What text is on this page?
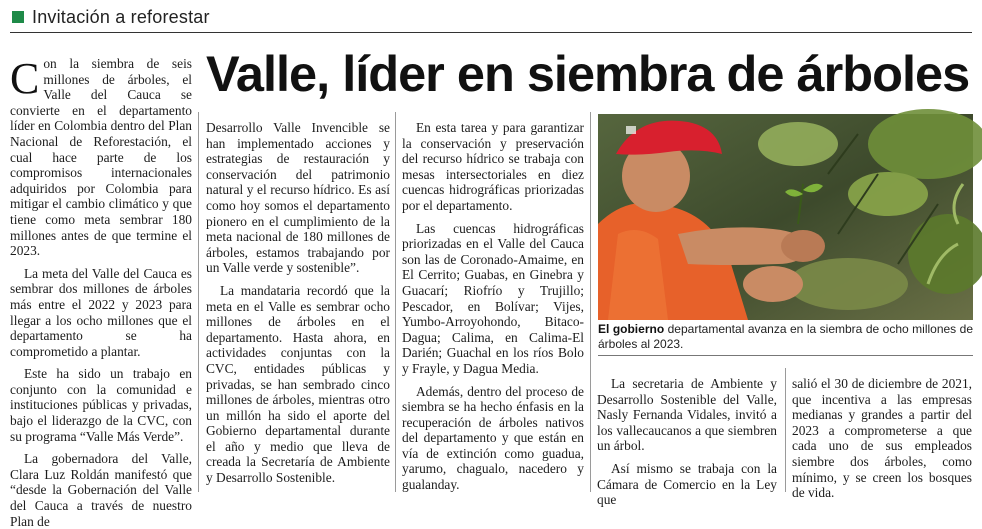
Invitación a reforestar
Valle, líder en siembra de árboles

Con la siembra de seis millones de árboles, el Valle del Cauca se convierte en el departamento líder en Colombia dentro del Plan Nacional de Reforestación, el cual hace parte de los compromisos internacionales adquiridos por Colombia para mitigar el cambio climático y que tiene como meta sembrar 180 millones antes de que termine el 2023.

La meta del Valle del Cauca es sembrar dos millones de árboles más entre el 2022 y 2023 para llegar a los ocho millones que el departamento se ha comprometido a plantar.

Este ha sido un trabajo en conjunto con la comunidad e instituciones públicas y privadas, bajo el liderazgo de la CVC, con su programa “Valle Más Verde”.

La gobernadora del Valle, Clara Luz Roldán manifestó que “desde la Gobernación del Valle del Cauca a través de nuestro Plan de

Desarrollo Valle Invencible se han implementado acciones y estrategias de restauración y conservación del patrimonio natural y el recurso hídrico. Es así como hoy somos el departamento pionero en el cumplimiento de la meta nacional de 180 millones de árboles, estamos trabajando por un Valle verde y sostenible”.

La mandataria recordó que la meta en el Valle es sembrar ocho millones de árboles en el departamento. Hasta ahora, en actividades conjuntas con la CVC, entidades públicas y privadas, se han sembrado cinco millones de árboles, mientras otro un millón ha sido el aporte del Gobierno departamental durante el año y medio que lleva de creada la Secretaría de Ambiente y Desarrollo Sostenible.

En esta tarea y para garantizar la conservación y preservación del recurso hídrico se trabaja con mesas intersectoriales en diez cuencas hidrográficas priorizadas por el departamento.

Las cuencas hidrográficas priorizadas en el Valle del Cauca son las de Coronado-Amaime, en El Cerrito; Guabas, en Ginebra y Guacarí; Riofrío y Trujillo; Pescador, en Bolívar; Vijes, Yumbo-Arroyohondo, Bitaco-Dagua; Calima, en Calima-El Darién; Guachal en los ríos Bolo y Frayle, y Dagua Media.

Además, dentro del proceso de siembra se ha hecho énfasis en la recuperación de árboles nativos del departamento y que están en vía de extinción como guadua, yarumo, chagualo, nacedero y gualanday.

El gobierno departamental avanza en la siembra de ocho millones de árboles al 2023.

La secretaria de Ambiente y Desarrollo Sostenible del Valle, Nasly Fernanda Vidales, invitó a los vallecaucanos a que siembren un árbol.

Así mismo se trabaja con la Cámara de Comercio en la Ley que

salió el 30 de diciembre de 2021, que incentiva a las empresas medianas y grandes a partir del 2023 a comprometerse a que cada uno de sus empleados siembre dos árboles, como mínimo, y se creen los bosques de vida.
